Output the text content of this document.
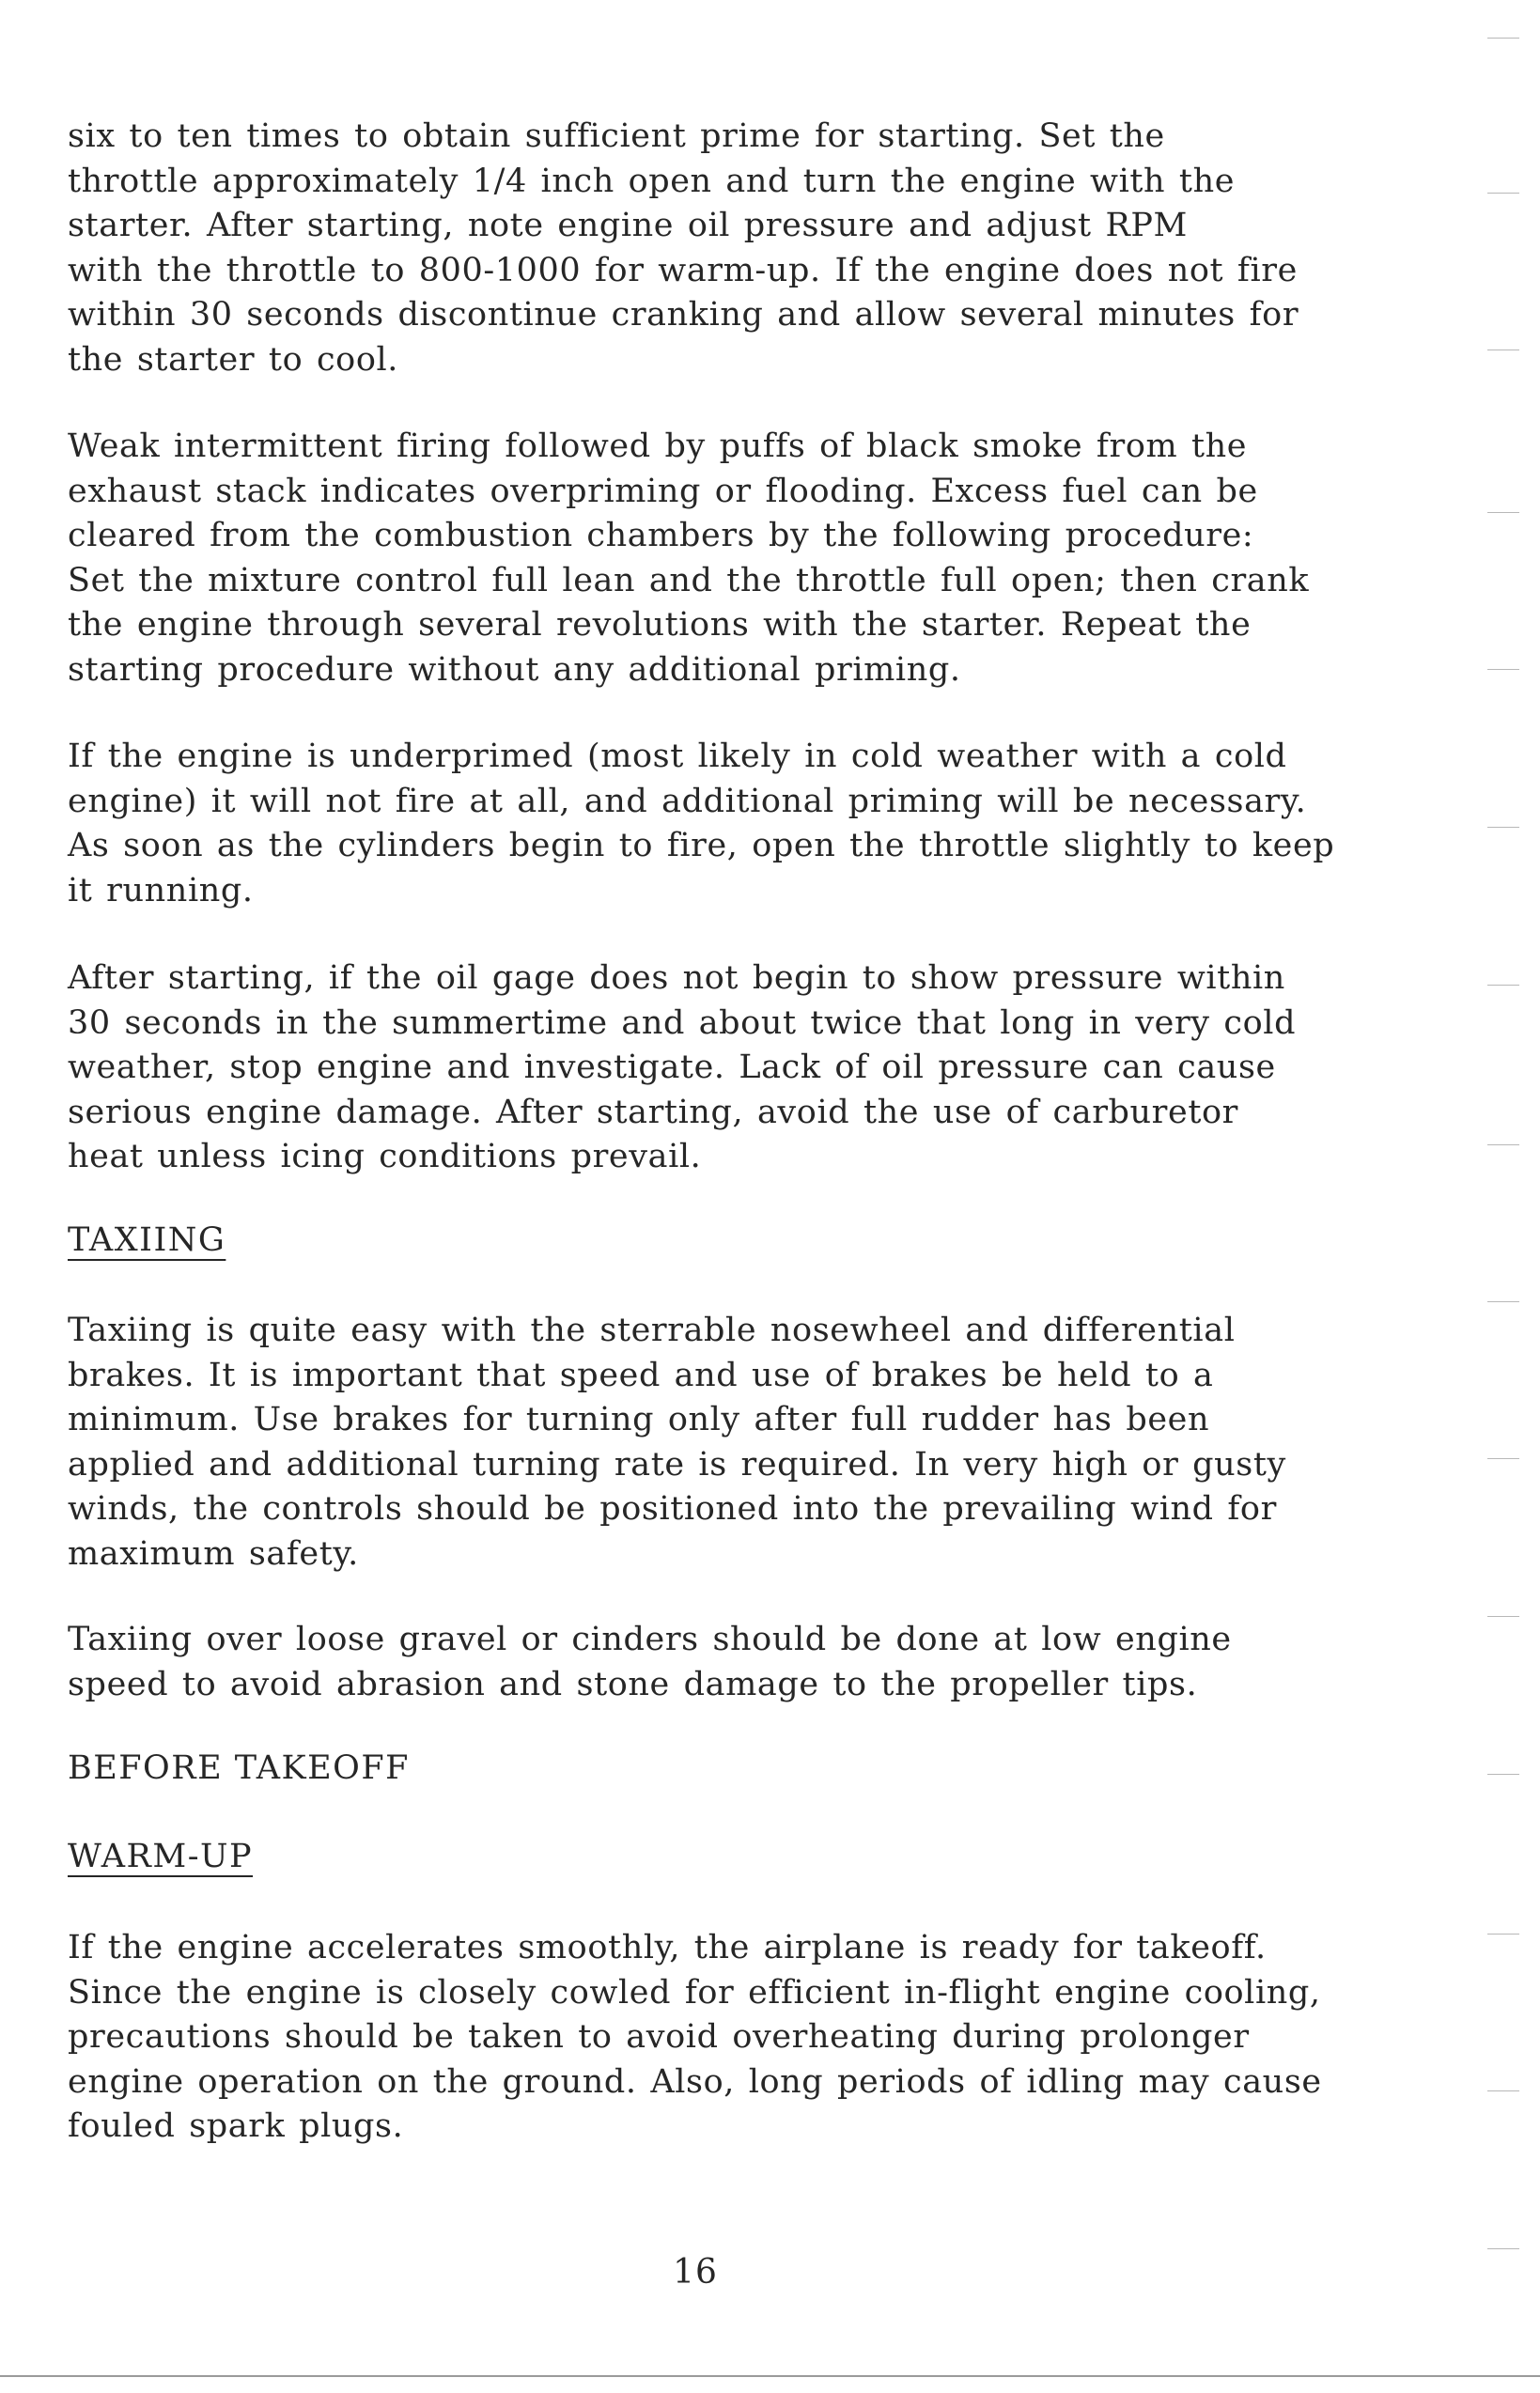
six to ten times to obtain sufficient prime for starting. Set the
throttle approximately 1/4 inch open and turn the engine with the
starter. After starting, note engine oil pressure and adjust RPM
with the throttle to 800-1000 for warm-up. If the engine does not fire
within 30 seconds discontinue cranking and allow several minutes for
the starter to cool.

Weak intermittent firing followed by puffs of black smoke from the
exhaust stack indicates overpriming or flooding. Excess fuel can be
cleared from the combustion chambers by the following procedure:
Set the mixture control full lean and the throttle full open; then crank
the engine through several revolutions with the starter. Repeat the
starting procedure without any additional priming.

If the engine is underprimed (most likely in cold weather with a cold
engine) it will not fire at all, and additional priming will be necessary.
As soon as the cylinders begin to fire, open the throttle slightly to keep
it running.

After starting, if the oil gage does not begin to show pressure within
30 seconds in the summertime and about twice that long in very cold
weather, stop engine and investigate. Lack of oil pressure can cause
serious engine damage. After starting, avoid the use of carburetor
heat unless icing conditions prevail.

TAXIING

Taxiing is quite easy with the sterrable nosewheel and differential
brakes. It is important that speed and use of brakes be held to a
minimum. Use brakes for turning only after full rudder has been
applied and additional turning rate is required. In very high or gusty
winds, the controls should be positioned into the prevailing wind for
maximum safety.

Taxiing over loose gravel or cinders should be done at low engine
speed to avoid abrasion and stone damage to the propeller tips.

BEFORE TAKEOFF
WARM-UP

If the engine accelerates smoothly, the airplane is ready for takeoff.
Since the engine is closely cowled for efficient in-flight engine cooling,
precautions should be taken to avoid overheating during prolonger
engine operation on the ground. Also, long periods of idling may cause
fouled spark plugs.

16
